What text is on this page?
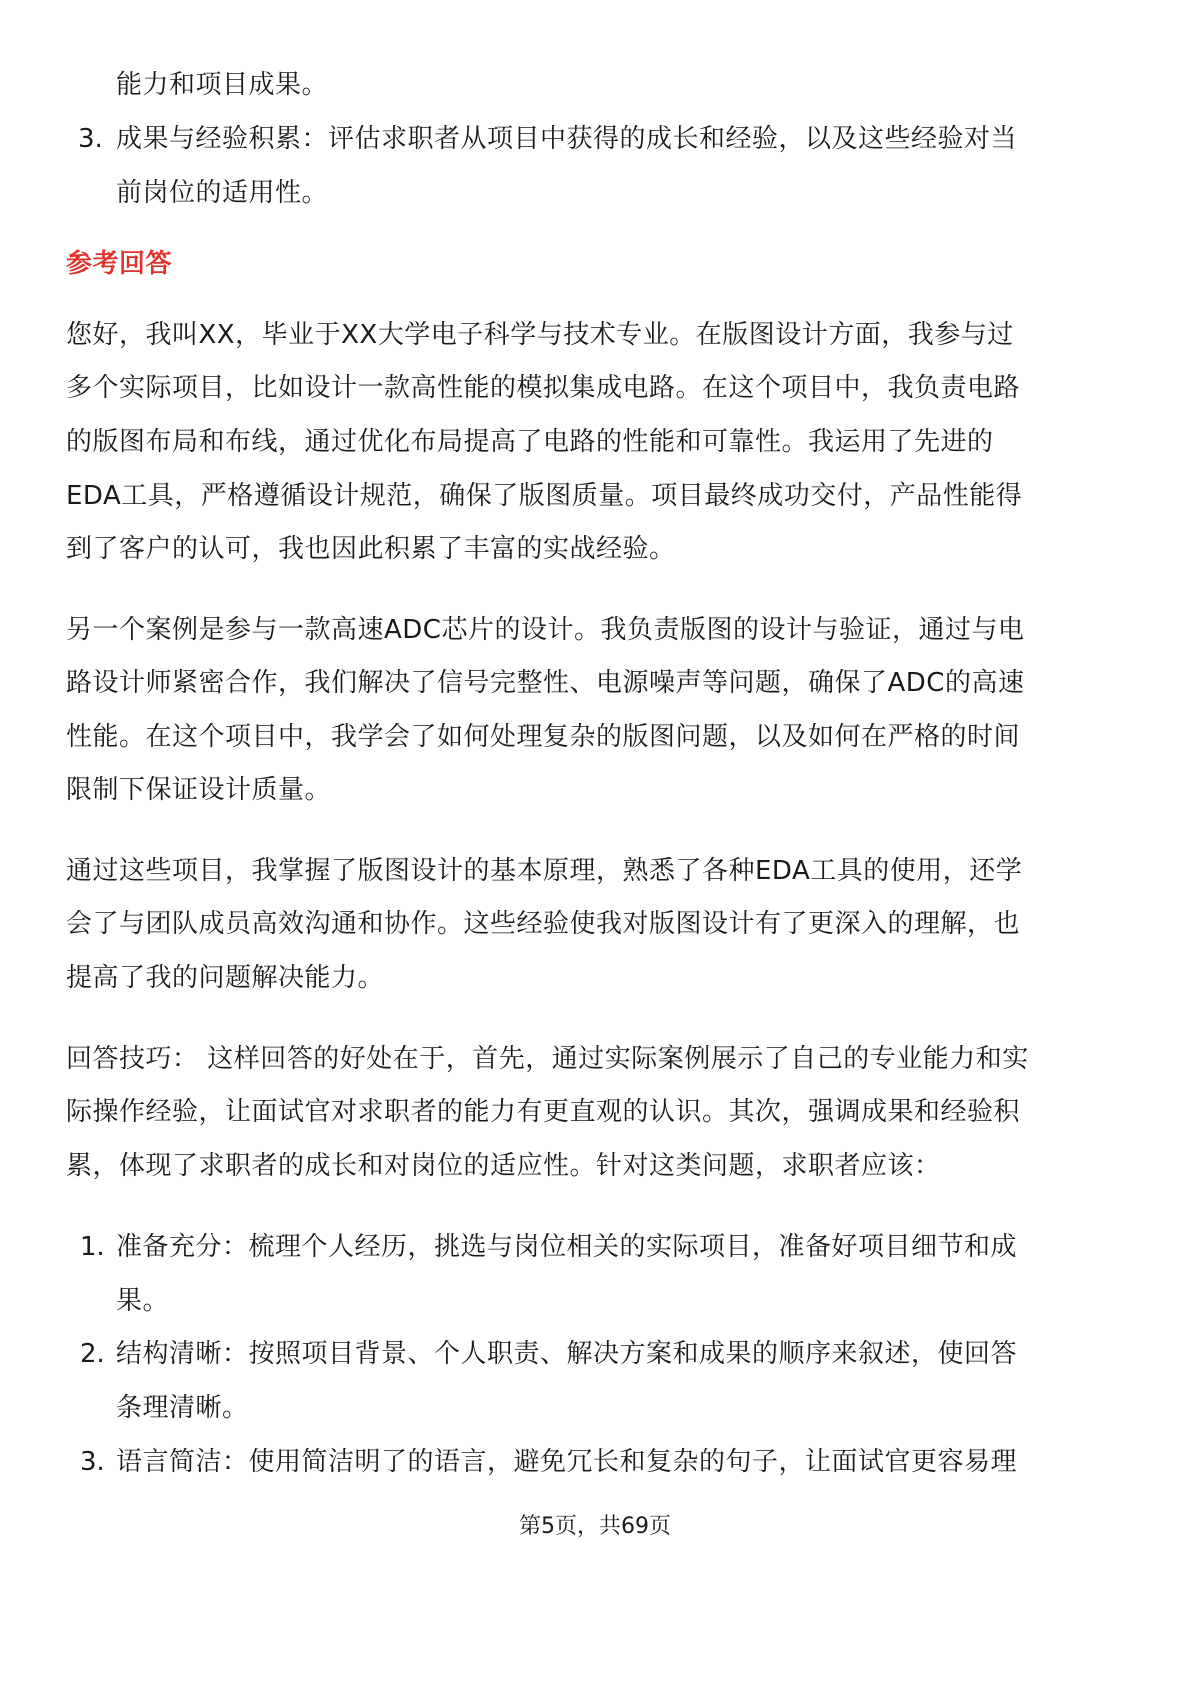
能力和项目成果。
3. 成果与经验积累：评估求职者从项目中获得的成长和经验，以及这些经验对当
前岗位的适用性。
参考回答
您好，我叫XX，毕业于XX大学电子科学与技术专业。在版图设计方面，我参与过
多个实际项目，比如设计一款高性能的模拟集成电路。在这个项目中，我负责电路
的版图布局和布线，通过优化布局提高了电路的性能和可靠性。我运用了先进的
EDA工具，严格遵循设计规范，确保了版图质量。项目最终成功交付，产品性能得
到了客户的认可，我也因此积累了丰富的实战经验。
另一个案例是参与一款高速ADC芯片的设计。我负责版图的设计与验证，通过与电
路设计师紧密合作，我们解决了信号完整性、电源噪声等问题，确保了ADC的高速
性能。在这个项目中，我学会了如何处理复杂的版图问题，以及如何在严格的时间
限制下保证设计质量。
通过这些项目，我掌握了版图设计的基本原理，熟悉了各种EDA工具的使用，还学
会了与团队成员高效沟通和协作。这些经验使我对版图设计有了更深入的理解，也
提高了我的问题解决能力。
回答技巧： 这样回答的好处在于，首先，通过实际案例展示了自己的专业能力和实
际操作经验，让面试官对求职者的能力有更直观的认识。其次，强调成果和经验积
累，体现了求职者的成长和对岗位的适应性。针对这类问题，求职者应该：
1. 准备充分：梳理个人经历，挑选与岗位相关的实际项目，准备好项目细节和成
果。
2. 结构清晰：按照项目背景、个人职责、解决方案和成果的顺序来叙述，使回答
条理清晰。
3. 语言简洁：使用简洁明了的语言，避免冗长和复杂的句子，让面试官更容易理
第5页，共69页
